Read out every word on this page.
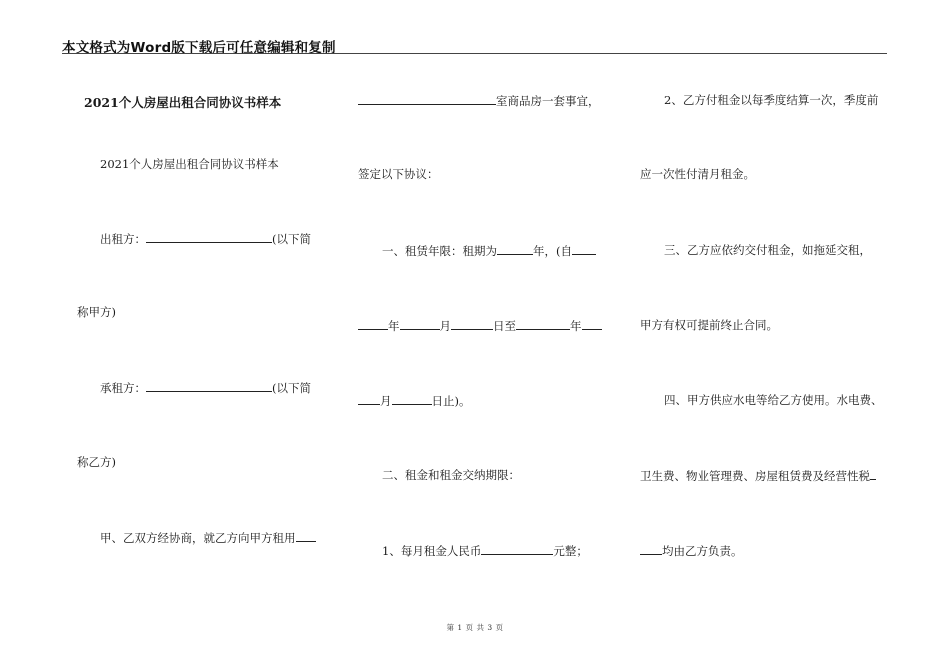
本文格式为Word版下载后可任意编辑和复制
2021个人房屋出租合同协议书样本
2021个人房屋出租合同协议书样本
出租方：	(以下简
称甲方)
承租方：	(以下简
称乙方)
甲、乙双方经协商，就乙方向甲方租用
室商品房一套事宜，
签定以下协议：
一、租赁年限：租期为	年，(自
年	月	日至	年
月	日止)。
二、租金和租金交纳期限：
1、每月租金人民币	元整；
2、乙方付租金以每季度结算一次，季度前
应一次性付清月租金。
三、乙方应依约交付租金，如拖延交租，
甲方有权可提前终止合同。
四、甲方供应水电等给乙方使用。水电费、
卫生费、物业管理费、房屋租赁费及经营性税
均由乙方负责。
第 1 页 共 3 页
